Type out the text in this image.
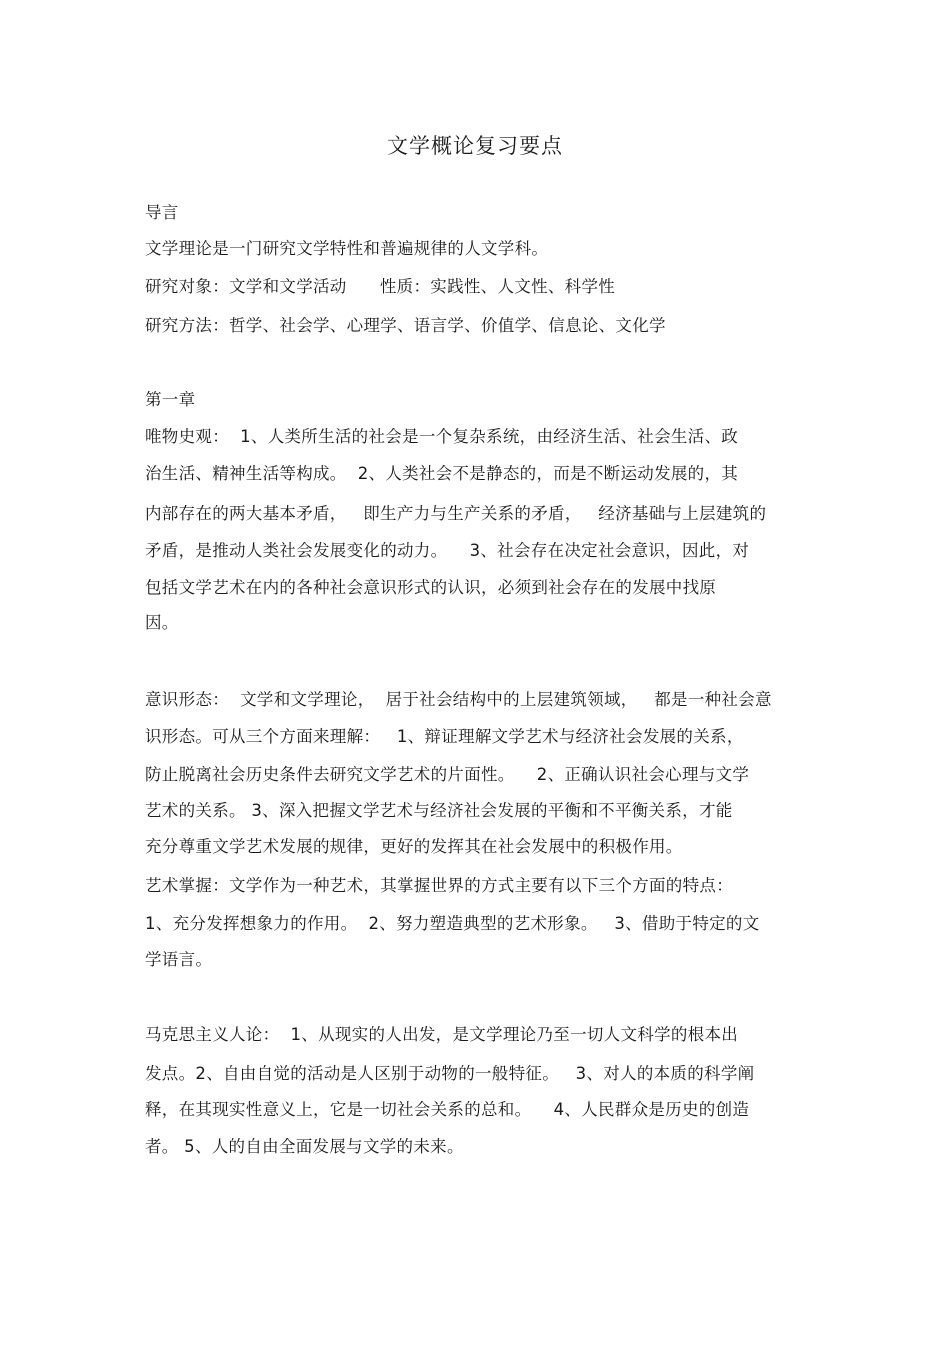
文学概论复习要点
导言
文学理论是一门研究文学特性和普遍规律的人文学科。
研究对象：文学和文学活动      性质：实践性、人文性、科学性
研究方法：哲学、社会学、心理学、语言学、价值学、信息论、文化学
第一章
唯物史观：  1、人类所生活的社会是一个复杂系统，由经济生活、社会生活、政
治生活、精神生活等构成。  2、人类社会不是静态的，而是不断运动发展的，其
内部存在的两大基本矛盾，   即生产力与生产关系的矛盾，   经济基础与上层建筑的
矛盾，是推动人类社会发展变化的动力。    3、社会存在决定社会意识，因此，对
包括文学艺术在内的各种社会意识形式的认识，必须到社会存在的发展中找原
因。
意识形态：  文学和文学理论，  居于社会结构中的上层建筑领域，   都是一种社会意
识形态。可从三个方面来理解：   1、辩证理解文学艺术与经济社会发展的关系，
防止脱离社会历史条件去研究文学艺术的片面性。    2、正确认识社会心理与文学
艺术的关系。 3、深入把握文学艺术与经济社会发展的平衡和不平衡关系，才能
充分尊重文学艺术发展的规律，更好的发挥其在社会发展中的积极作用。
艺术掌握：文学作为一种艺术，其掌握世界的方式主要有以下三个方面的特点：
1、充分发挥想象力的作用。  2、努力塑造典型的艺术形象。   3、借助于特定的文
学语言。
马克思主义人论：  1、从现实的人出发，是文学理论乃至一切人文科学的根本出
发点。2、自由自觉的活动是人区别于动物的一般特征。   3、对人的本质的科学阐
释，在其现实性意义上，它是一切社会关系的总和。    4、人民群众是历史的创造
者。 5、人的自由全面发展与文学的未来。
